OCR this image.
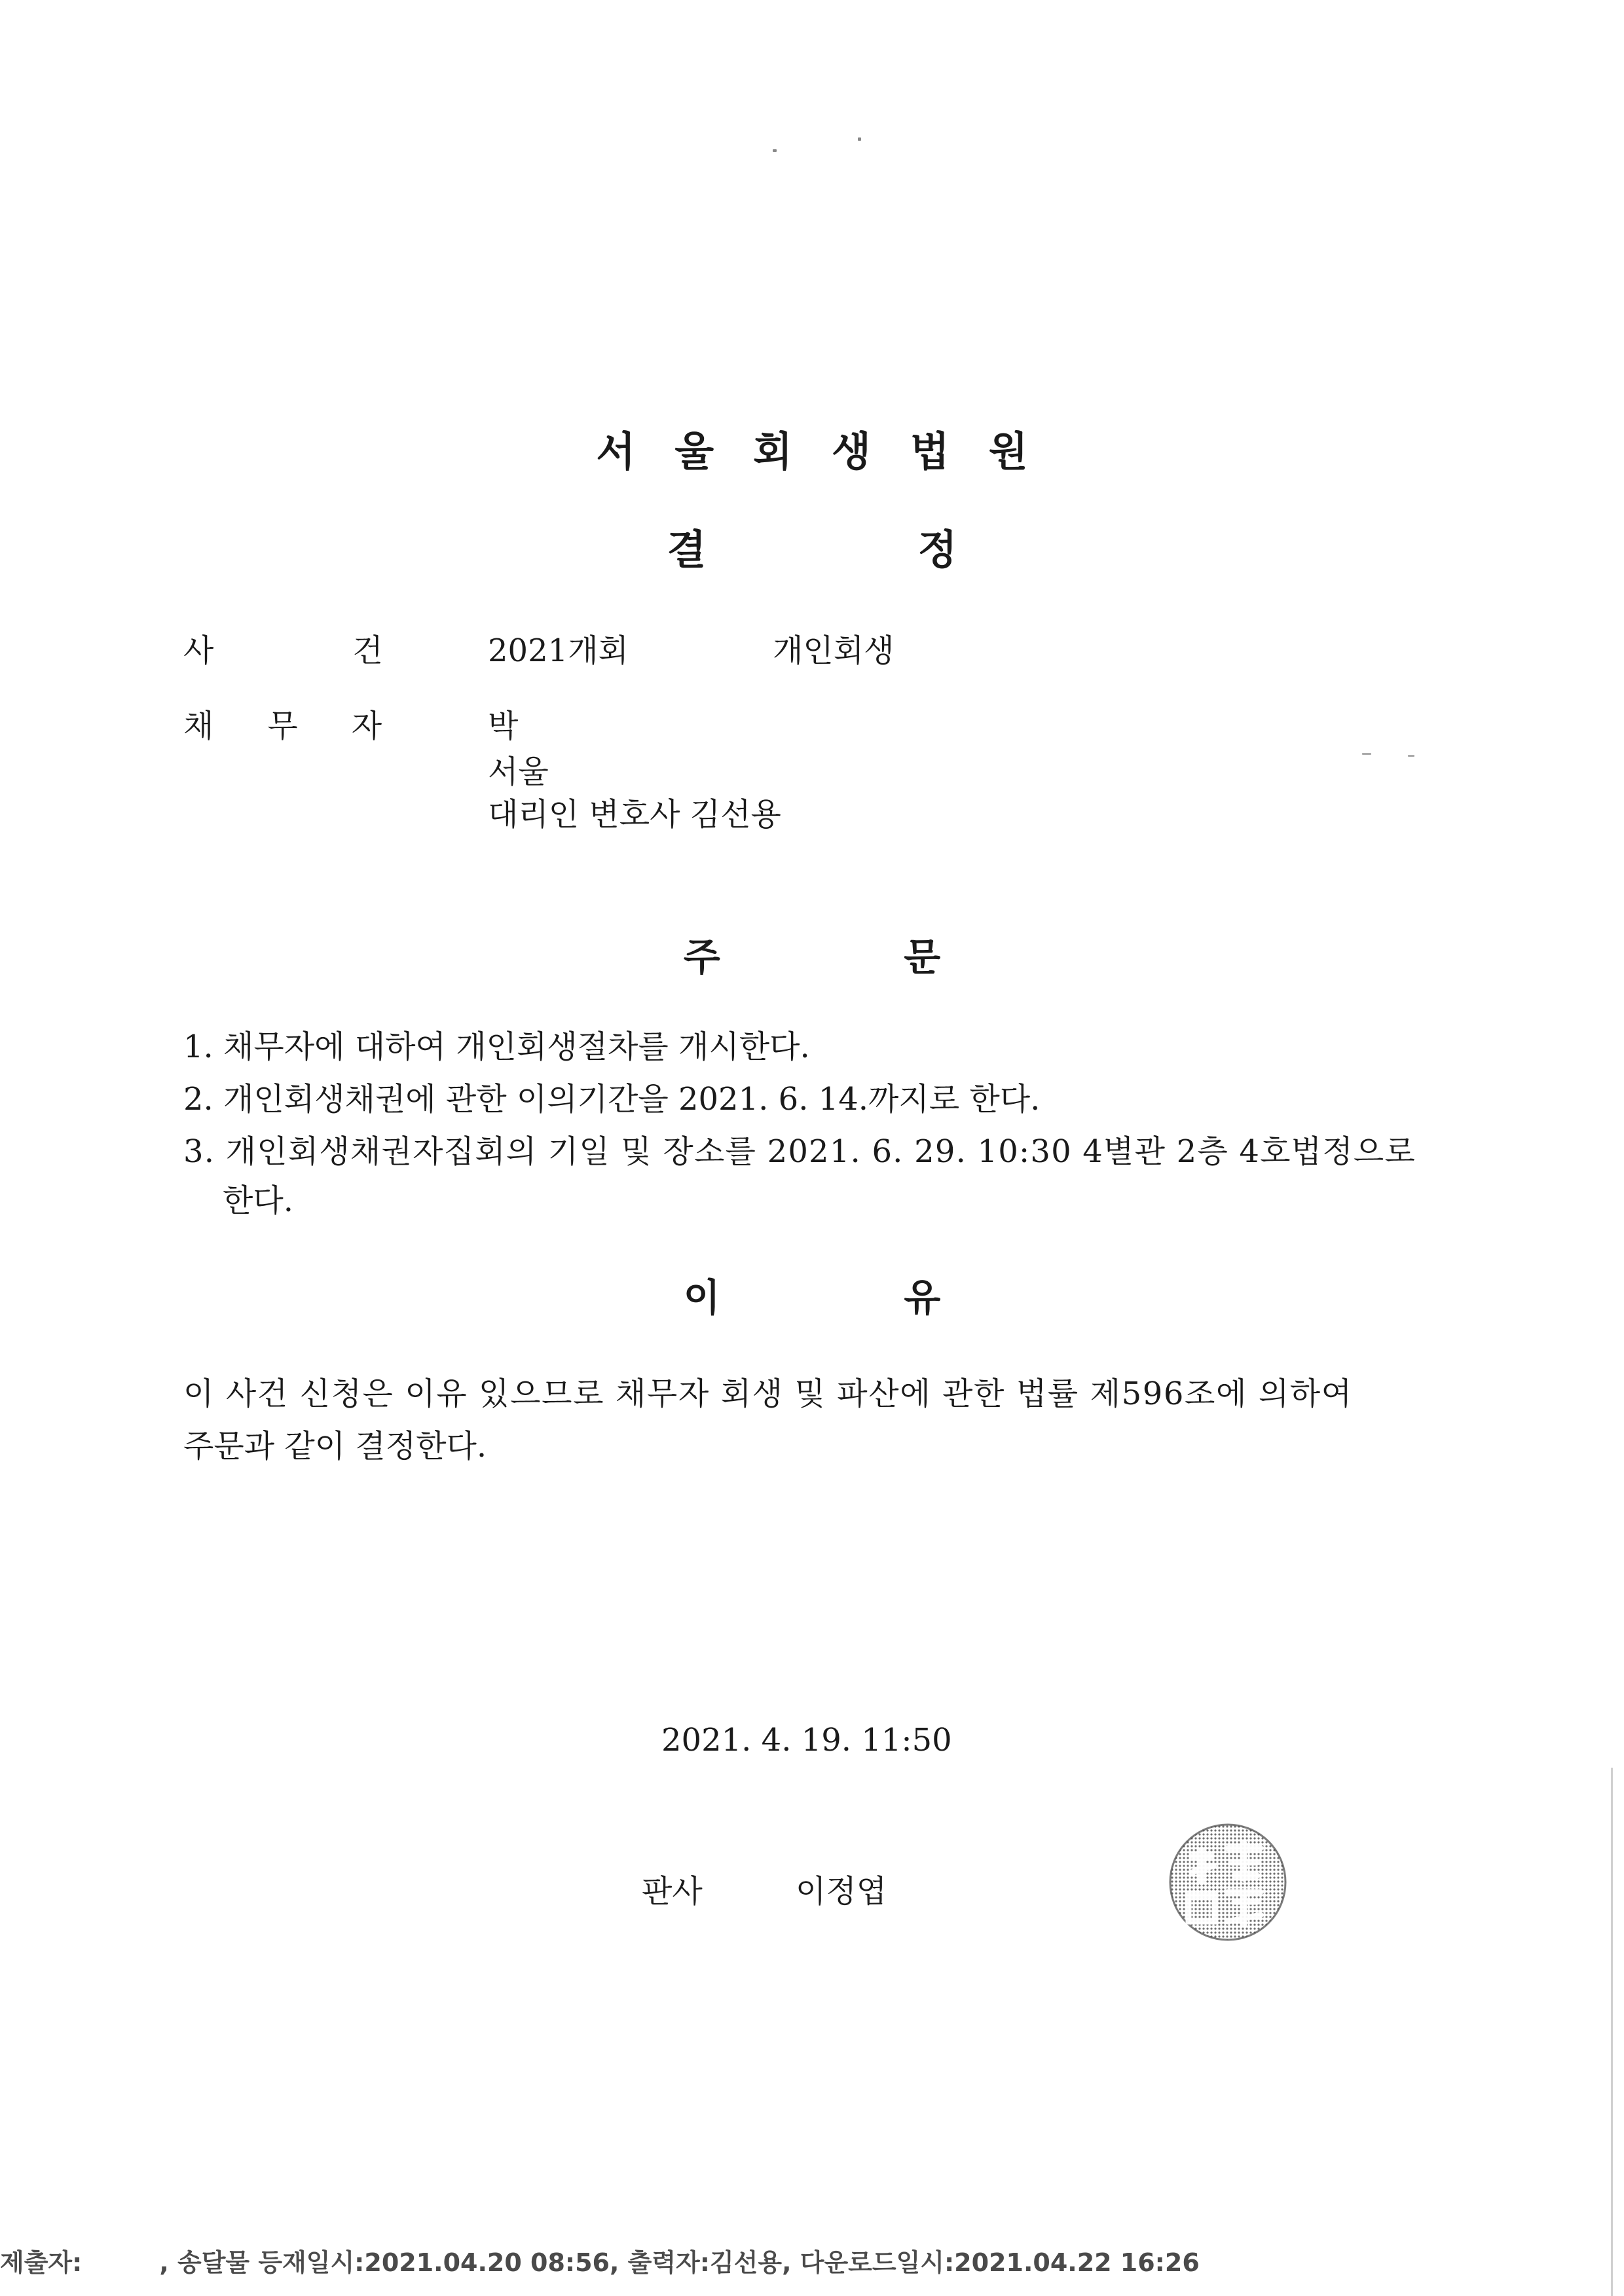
서울회생법원
결	정
사	건	2021개회	개인회생
채 무 자	박
서울
대리인 변호사 김선용
주	문
1. 채무자에 대하여 개인회생절차를 개시한다.
2. 개인회생채권에 관한 이의기간을 2021. 6. 14.까지로 한다.
3. 개인회생채권자집회의 기일 및 장소를 2021. 6. 29. 10:30 4별관 2층 4호법정으로
한다.
이	유
이 사건 신청은 이유 있으므로 채무자 회생 및 파산에 관한 법률 제596조에 의하여
주문과 같이 결정한다.
2021. 4. 19. 11:50
판사	이정엽
제출자:	, 송달물 등재일시:2021.04.20 08:56, 출력자:김선용, 다운로드일시:2021.04.22 16:26
